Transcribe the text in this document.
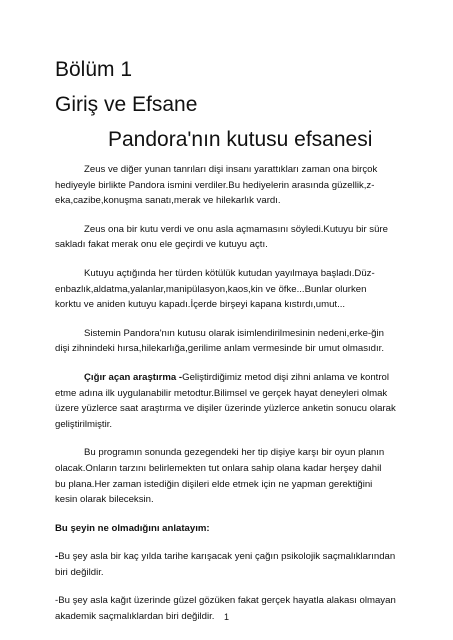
Bölüm 1
Giriş ve Efsane
Pandora'nın kutusu efsanesi
Zeus ve diğer yunan tanrıları dişi insanı yarattıkları zaman ona birçok
hediyeyle birlikte Pandora ismini verdiler.Bu hediyelerin arasında güzellik,z-
eka,cazibe,konuşma sanatı,merak ve hilekarlık vardı.
Zeus ona bir kutu verdi ve onu asla açmamasını söyledi.Kutuyu bir süre
sakladı fakat merak onu ele geçirdi ve kutuyu açtı.
Kutuyu açtığında her türden kötülük kutudan yayılmaya başladı.Düz-
enbazlık,aldatma,yalanlar,manipülasyon,kaos,kin ve öfke...Bunlar olurken
korktu ve aniden kutuyu kapadı.İçerde birşeyi kapana kıstırdı,umut...
Sistemin Pandora'nın kutusu olarak isimlendirilmesinin nedeni,erke-ğin
dişi zihnindeki hırsa,hilekarlığa,gerilime anlam vermesinde bir umut olmasıdır.
Çığır açan araştırma -Geliştirdiğimiz metod dişi zihni anlama ve kontrol
etme adına ilk uygulanabilir metodtur.Bilimsel ve gerçek hayat deneyleri olmak
üzere yüzlerce saat araştırma ve dişiler üzerinde yüzlerce anketin sonucu olarak
geliştirilmiştir.
Bu programın sonunda gezegendeki her tip dişiye karşı bir oyun planın
olacak.Onların tarzını belirlemekten tut onlara sahip olana kadar herşey dahil
bu plana.Her zaman istediğin dişileri elde etmek için ne yapman gerektiğini
kesin olarak bileceksin.
Bu şeyin ne olmadığını anlatayım:
-Bu şey asla bir kaç yılda tarihe karışacak yeni çağın psikolojik saçmalıklarından
biri değildir.
-Bu şey asla kağıt üzerinde güzel gözüken fakat gerçek hayatla alakası olmayan
akademik saçmalıklardan biri değildir.	1
